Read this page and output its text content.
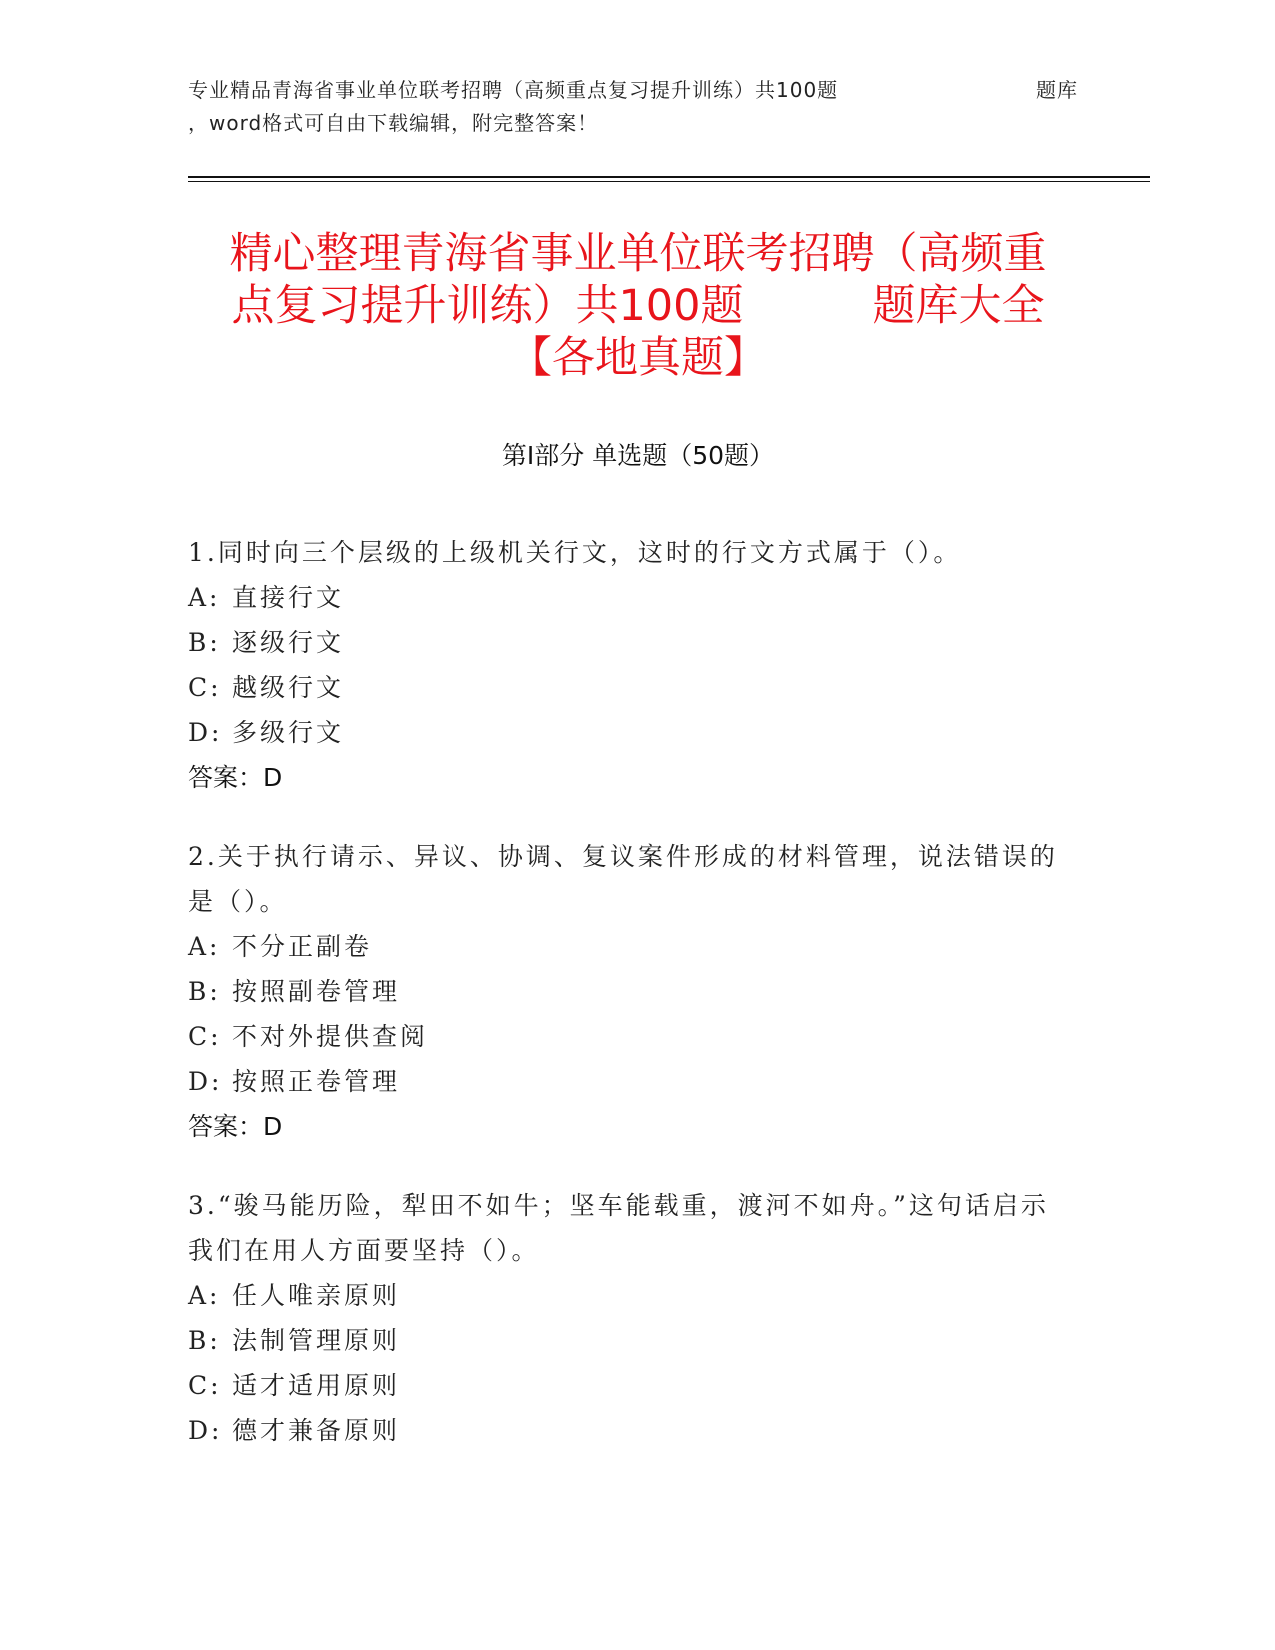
专业精品青海省事业单位联考招聘（高频重点复习提升训练）共100题	题库
，word格式可自由下载编辑，附完整答案！
精心整理青海省事业单位联考招聘（高频重
点复习提升训练）共100题　　　题库大全
【各地真题】
第Ⅰ部分 单选题（50题）
1.同时向三个层级的上级机关行文，这时的行文方式属于（）。
A: 直接行文
B: 逐级行文
C: 越级行文
D: 多级行文
答案：D
2.关于执行请示、异议、协调、复议案件形成的材料管理，说法错误的是（）。
A: 不分正副卷
B: 按照副卷管理
C: 不对外提供查阅
D: 按照正卷管理
答案：D
3.“骏马能历险，犁田不如牛；坚车能载重，渡河不如舟。”这句话启示我们在用人方面要坚持（）。
A: 任人唯亲原则
B: 法制管理原则
C: 适才适用原则
D: 德才兼备原则
